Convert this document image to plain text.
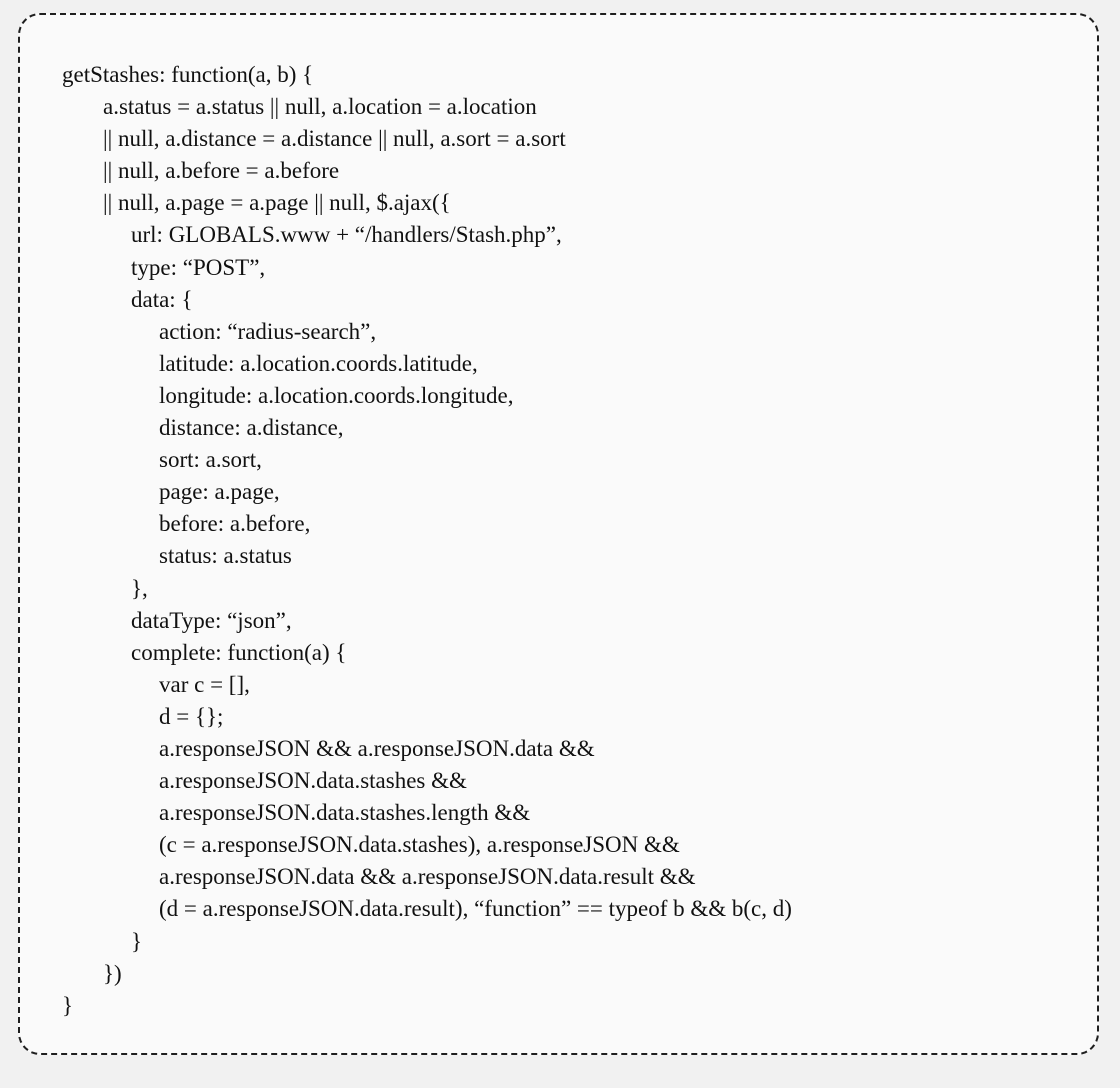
getStashes: function(a, b) {
a.status = a.status || null, a.location = a.location
|| null, a.distance = a.distance || null, a.sort = a.sort
|| null, a.before = a.before
|| null, a.page = a.page || null, $.ajax({
url: GLOBALS.www + “/handlers/Stash.php”,
type: “POST”,
data: {
action: “radius-search”,
latitude: a.location.coords.latitude,
longitude: a.location.coords.longitude,
distance: a.distance,
sort: a.sort,
page: a.page,
before: a.before,
status: a.status
},
dataType: “json”,
complete: function(a) {
var c = [],
d = {};
a.responseJSON && a.responseJSON.data &&
a.responseJSON.data.stashes &&
a.responseJSON.data.stashes.length &&
(c = a.responseJSON.data.stashes), a.responseJSON &&
a.responseJSON.data && a.responseJSON.data.result &&
(d = a.responseJSON.data.result), “function” == typeof b && b(c, d)
}
})
}
